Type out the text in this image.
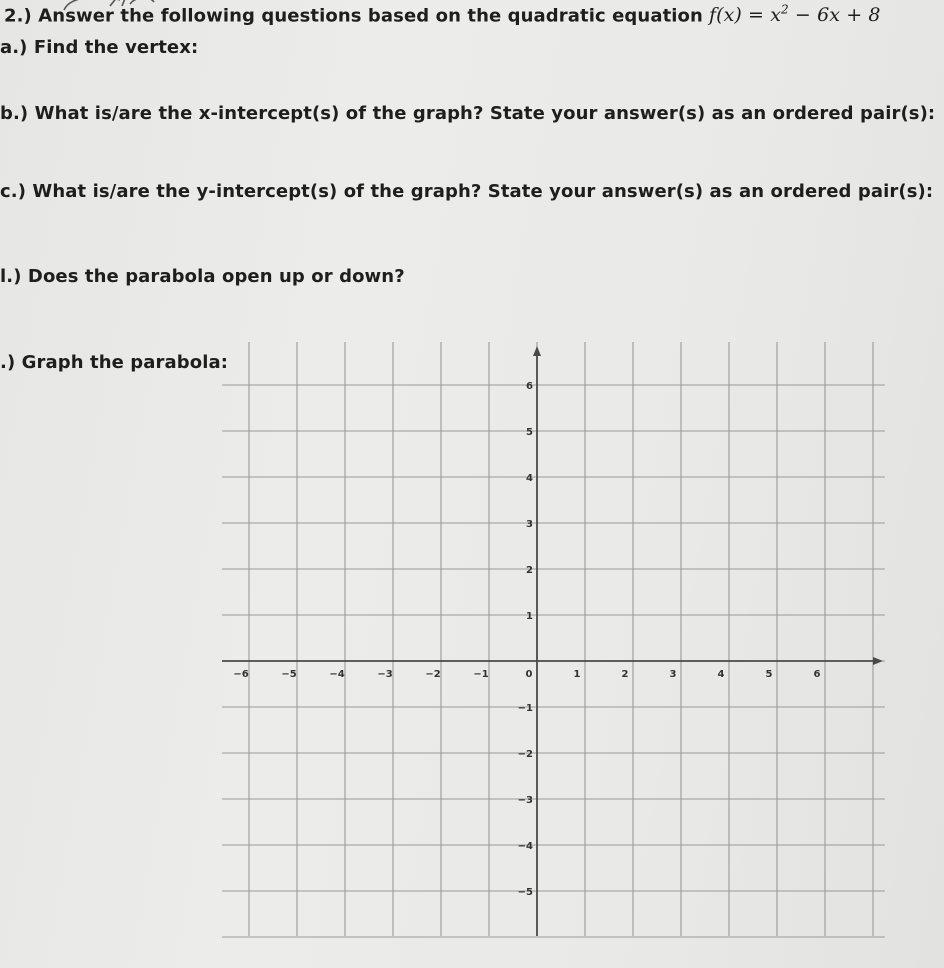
2.) Answer the following questions based on the quadratic equation $f(x) = x^2 - 6x + 8$

a.) Find the vertex:

b.) What is/are the x-intercept(s) of the graph? State your answer(s) as an ordered pair(s):

c.) What is/are the y-intercept(s) of the graph? State your answer(s) as an ordered pair(s):

l.) Does the parabola open up or down?

.) Graph the parabola:

−6	−5	−4	−3	−2	−1	0	1	2	3	4	5	6
6
5
4
3
2
1
−1
−2
−3
−4
−5
